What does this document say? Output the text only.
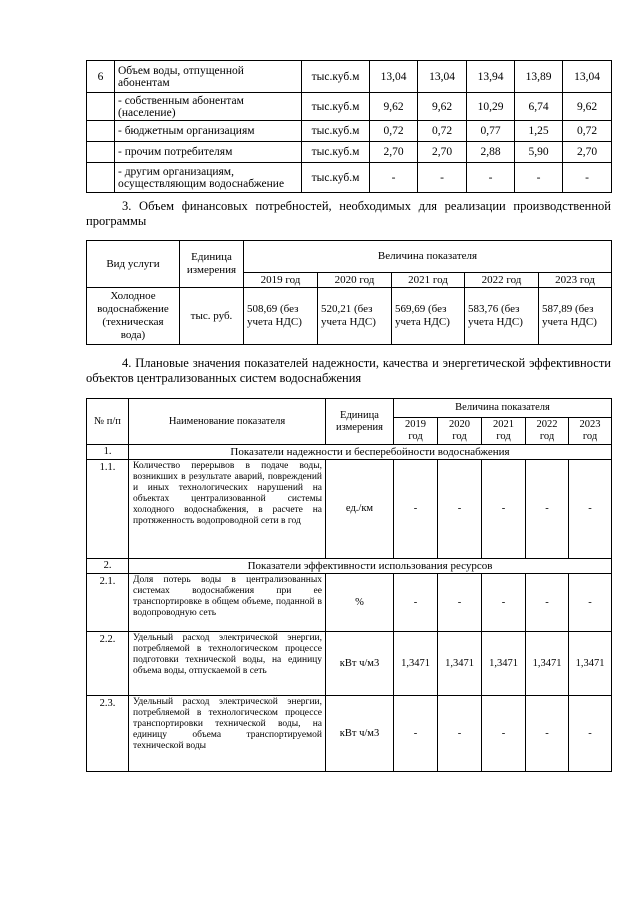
6	Объем воды, отпущенной абонентам	тыс.куб.м	13,04	13,04	13,94	13,89	13,04
	- собственным абонентам (население)	тыс.куб.м	9,62	9,62	10,29	6,74	9,62
	- бюджетным организациям	тыс.куб.м	0,72	0,72	0,77	1,25	0,72
	- прочим потребителям	тыс.куб.м	2,70	2,70	2,88	5,90	2,70
	- другим организациям, осуществляющим водоснабжение	тыс.куб.м	-	-	-	-	-

3. Объем финансовых потребностей, необходимых для реализации производственной программы

Вид услуги	Единица измерения	Величина показателя				
		2019 год	2020 год	2021 год	2022 год	2023 год
Холодное водоснабжение (техническая вода)	тыс. руб.	508,69 (без учета НДС)	520,21 (без учета НДС)	569,69 (без учета НДС)	583,76 (без учета НДС)	587,89 (без учета НДС)

4. Плановые значения показателей надежности, качества и энергетической эффективности объектов централизованных систем водоснабжения

№ п/п	Наименование показателя	Единица измерения	Величина показателя				
			2019 год	2020 год	2021 год	2022 год	2023 год
1.	Показатели надежности и бесперебойности водоснабжения						
1.1.	Количество перерывов в подаче воды, возникших в результате аварий, повреждений и иных технологических нарушений на объектах централизованной системы холодного водоснабжения, в расчете на протяженность водопроводной сети в год	ед./км	-	-	-	-	-
2.	Показатели эффективности использования ресурсов						
2.1.	Доля потерь воды в централизованных системах водоснабжения при ее транспортировке в общем объеме, поданной в водопроводную сеть	%	-	-	-	-	-
2.2.	Удельный расход электрической энергии, потребляемой в технологическом процессе подготовки технической воды, на единицу объема воды, отпускаемой в сеть	кВт ч/м3	1,3471	1,3471	1,3471	1,3471	1,3471
2.3.	Удельный расход электрической энергии, потребляемой в технологическом процессе транспортировки технической воды, на единицу объема транспортируемой технической воды	кВт ч/м3	-	-	-	-	-
